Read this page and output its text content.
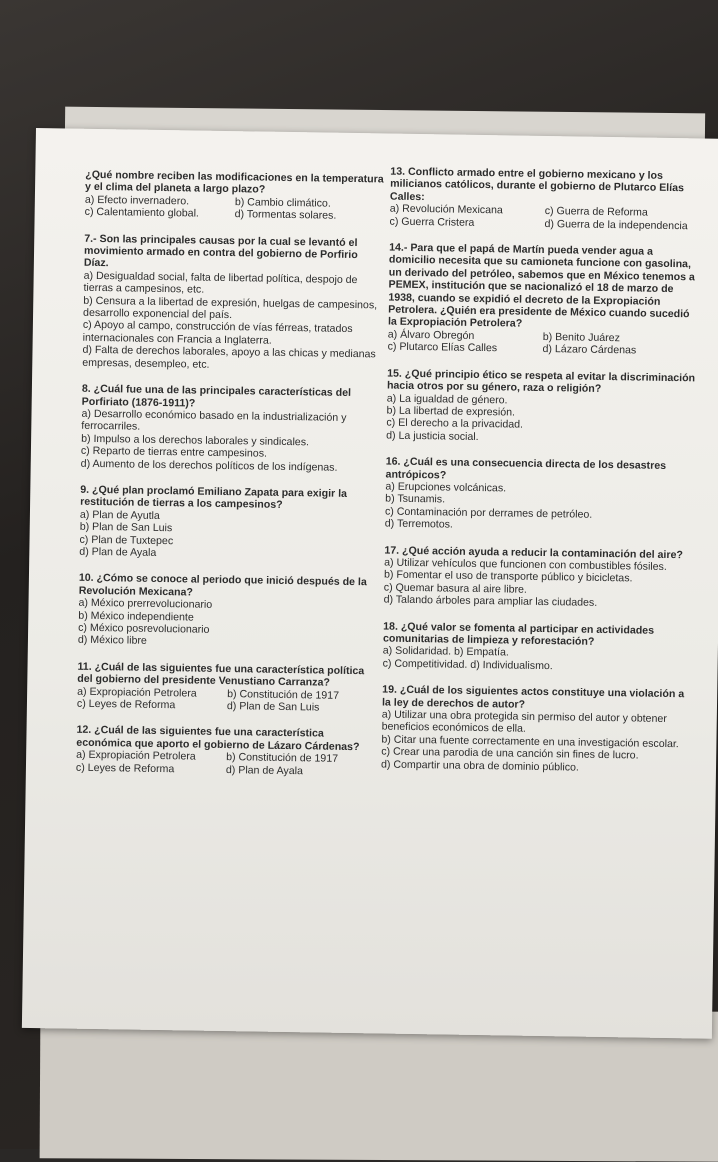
¿Qué nombre reciben las modificaciones en la temperatura y el clima del planeta a largo plazo?
a) Efecto invernadero.	b) Cambio climático.
c) Calentamiento global.	d) Tormentas solares.
7.- Son las principales causas por la cual se levantó el movimiento armado en contra del gobierno de Porfirio Díaz.
a) Desigualdad social, falta de libertad política, despojo de tierras a campesinos, etc.
b) Censura a la libertad de expresión, huelgas de campesinos, desarrollo exponencial del país.
c) Apoyo al campo, construcción de vías férreas, tratados internacionales con Francia a Inglaterra.
d) Falta de derechos laborales, apoyo a las chicas y medianas empresas, desempleo, etc.
8. ¿Cuál fue una de las principales características del Porfiriato (1876-1911)?
a) Desarrollo económico basado en la industrialización y ferrocarriles.
b) Impulso a los derechos laborales y sindicales.
c) Reparto de tierras entre campesinos.
d) Aumento de los derechos políticos de los indígenas.
9. ¿Qué plan proclamó Emiliano Zapata para exigir la restitución de tierras a los campesinos?
a) Plan de Ayutla
b) Plan de San Luis
c) Plan de Tuxtepec
d) Plan de Ayala
10. ¿Cómo se conoce al periodo que inició después de la Revolución Mexicana?
a) México prerrevolucionario
b) México independiente
c) México posrevolucionario
d) México libre
11. ¿Cuál de las siguientes fue una característica política del gobierno del presidente Venustiano Carranza?
a) Expropiación Petrolera	b) Constitución de 1917
c) Leyes de Reforma	d) Plan de San Luis
12. ¿Cuál de las siguientes fue una característica económica que aporto el gobierno de Lázaro Cárdenas?
a) Expropiación Petrolera	b) Constitución de 1917
c) Leyes de Reforma	d) Plan de Ayala
13. Conflicto armado entre el gobierno mexicano y los milicianos católicos, durante el gobierno de Plutarco Elías Calles:
a) Revolución Mexicana	c) Guerra de Reforma
c) Guerra Cristera	d) Guerra de la independencia
14.- Para que el papá de Martín pueda vender agua a domicilio necesita que su camioneta funcione con gasolina, un derivado del petróleo, sabemos que en México tenemos a PEMEX, institución que se nacionalizó el 18 de marzo de 1938, cuando se expidió el decreto de la Expropiación Petrolera. ¿Quién era presidente de México cuando sucedió la Expropiación Petrolera?
a) Álvaro Obregón	b) Benito Juárez
c) Plutarco Elías Calles	d) Lázaro Cárdenas
15. ¿Qué principio ético se respeta al evitar la discriminación hacia otros por su género, raza o religión?
a) La igualdad de género.
b) La libertad de expresión.
c) El derecho a la privacidad.
d) La justicia social.
16. ¿Cuál es una consecuencia directa de los desastres antrópicos?
a) Erupciones volcánicas.
b) Tsunamis.
c) Contaminación por derrames de petróleo.
d) Terremotos.
17. ¿Qué acción ayuda a reducir la contaminación del aire?
a) Utilizar vehículos que funcionen con combustibles fósiles.
b) Fomentar el uso de transporte público y bicicletas.
c) Quemar basura al aire libre.
d) Talando árboles para ampliar las ciudades.
18. ¿Qué valor se fomenta al participar en actividades comunitarias de limpieza y reforestación?
a) Solidaridad. b) Empatía.
c) Competitividad. d) Individualismo.
19. ¿Cuál de los siguientes actos constituye una violación a la ley de derechos de autor?
a) Utilizar una obra protegida sin permiso del autor y obtener beneficios económicos de ella.
b) Citar una fuente correctamente en una investigación escolar.
c) Crear una parodia de una canción sin fines de lucro.
d) Compartir una obra de dominio público.
